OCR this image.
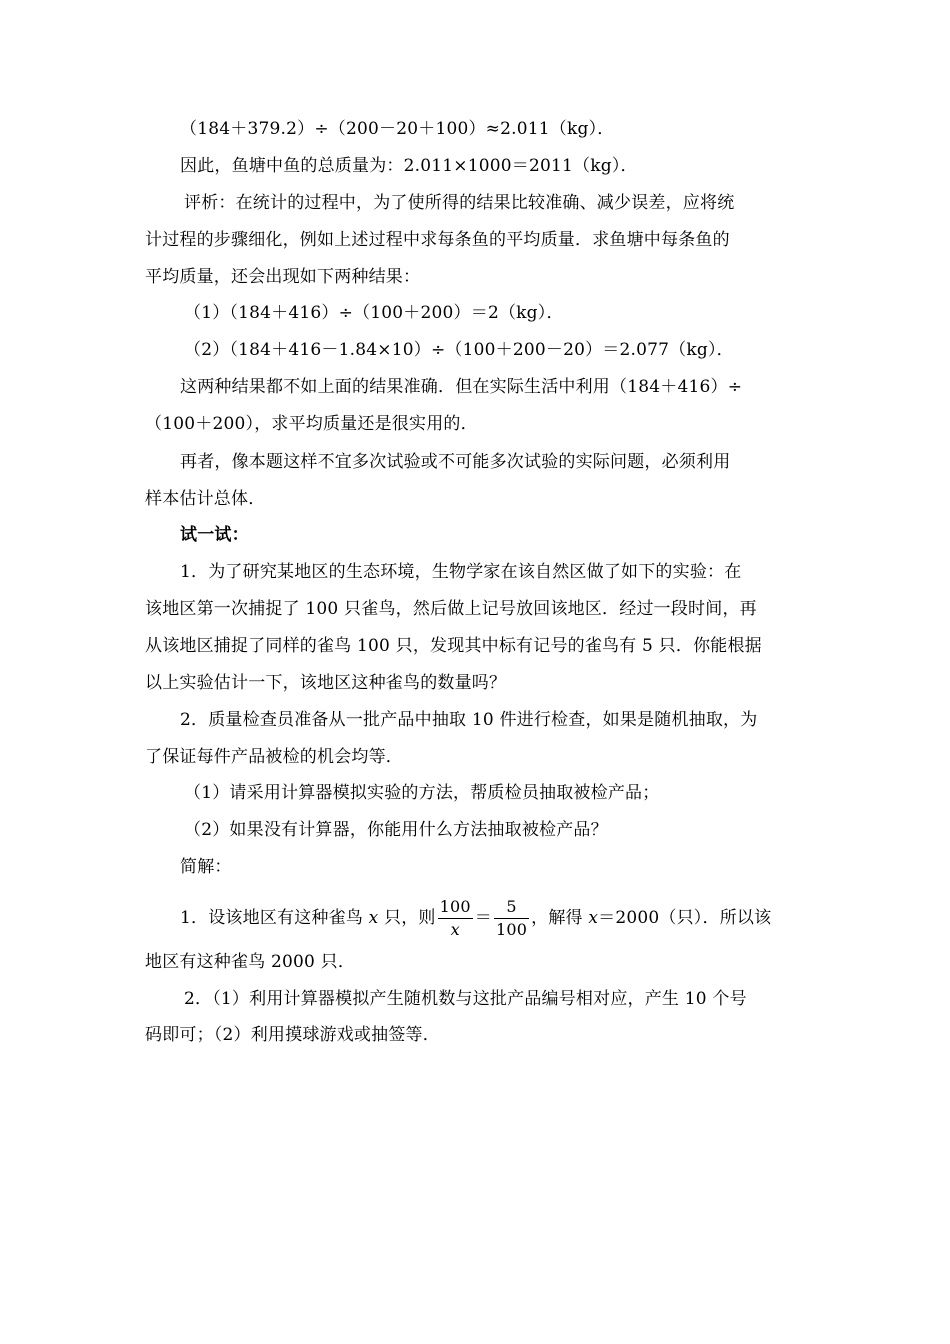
（184＋379.2）÷（200－20＋100）≈2.011（kg）．
因此，鱼塘中鱼的总质量为：2.011×1000＝2011（kg）．
评析：在统计的过程中，为了使所得的结果比较准确、减少误差，应将统
计过程的步骤细化，例如上述过程中求每条鱼的平均质量．求鱼塘中每条鱼的
平均质量，还会出现如下两种结果：
（1）（184＋416）÷（100＋200）＝2（kg）．
（2）（184＋416－1.84×10）÷（100＋200－20）＝2.077（kg）．
这两种结果都不如上面的结果准确．但在实际生活中利用（184＋416）÷
（100＋200），求平均质量还是很实用的．
再者，像本题这样不宜多次试验或不可能多次试验的实际问题，必须利用
样本估计总体．
试一试：
1．为了研究某地区的生态环境，生物学家在该自然区做了如下的实验：在
该地区第一次捕捉了 100 只雀鸟，然后做上记号放回该地区．经过一段时间，再
从该地区捕捉了同样的雀鸟 100 只，发现其中标有记号的雀鸟有 5 只．你能根据
以上实验估计一下，该地区这种雀鸟的数量吗？
2．质量检查员准备从一批产品中抽取 10 件进行检查，如果是随机抽取，为
了保证每件产品被检的机会均等．
（1）请采用计算器模拟实验的方法，帮质检员抽取被检产品；
（2）如果没有计算器，你能用什么方法抽取被检产品？
简解：
1．设该地区有这种雀鸟 x 只，则 $\frac{100}{x} = \frac{5}{100}$ ，解得 x＝2000（只）．所以该
地区有这种雀鸟 2000 只．
2．（1）利用计算器模拟产生随机数与这批产品编号相对应，产生 10 个号
码即可；（2）利用摸球游戏或抽签等．
